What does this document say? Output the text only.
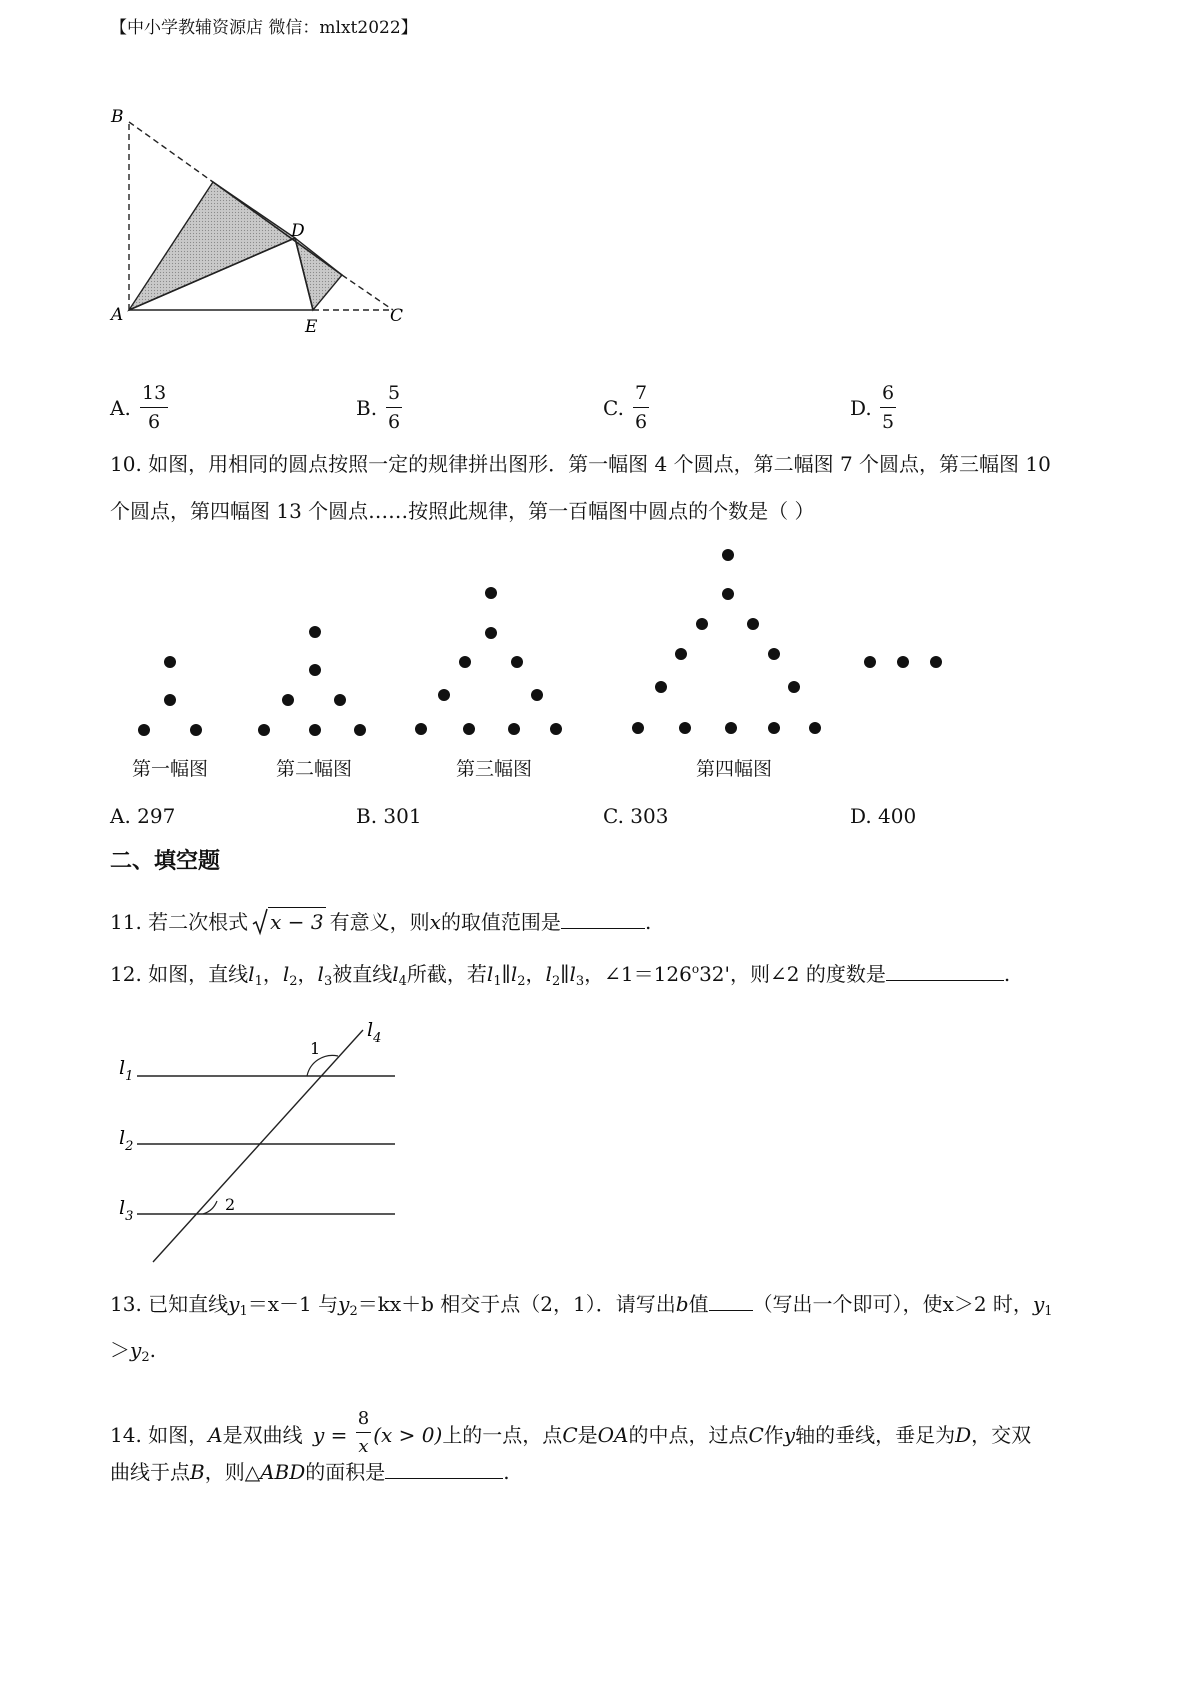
【中小学教辅资源店 微信：mlxt2022】
B
D
A
E
C
A.
13
6
B.
5
6
C.
7
6
D.
6
5
10. 如图，用相同的圆点按照一定的规律拼出图形．第一幅图 4 个圆点，第二幅图 7 个圆点，第三幅图 10
个圆点，第四幅图 13 个圆点……按照此规律，第一百幅图中圆点的个数是（ ）
第一幅图	第二幅图	第三幅图	第四幅图
A. 297	B. 301	C. 303	D. 400
二、填空题
11. 若二次根式 x − 3 有意义，则x的取值范围是	.
12. 如图，直线$l_1$，$l_2$，$l_3$被直线$l_4$所截，若$l_1\parallel l_2$，$l_2\parallel l_3$，$\angle 1=126^o32'$，则∠2 的度数是	.
$l_1$
$l_2$
$l_3$
$l_4$
1
2
13. 已知直线$y_1=x-1$ 与$y_2=kx+b$ 相交于点（2，1）．请写出b值 （写出一个即可），使x＞2 时，$y_1$
$>y_2$.
14. 如图，A是双曲线 $y = \frac{8}{x} (x > 0)$上的一点，点C是OA的中点，过点C作y轴的垂线，垂足为D，交双
曲线于点B，则△ABD的面积是	.
